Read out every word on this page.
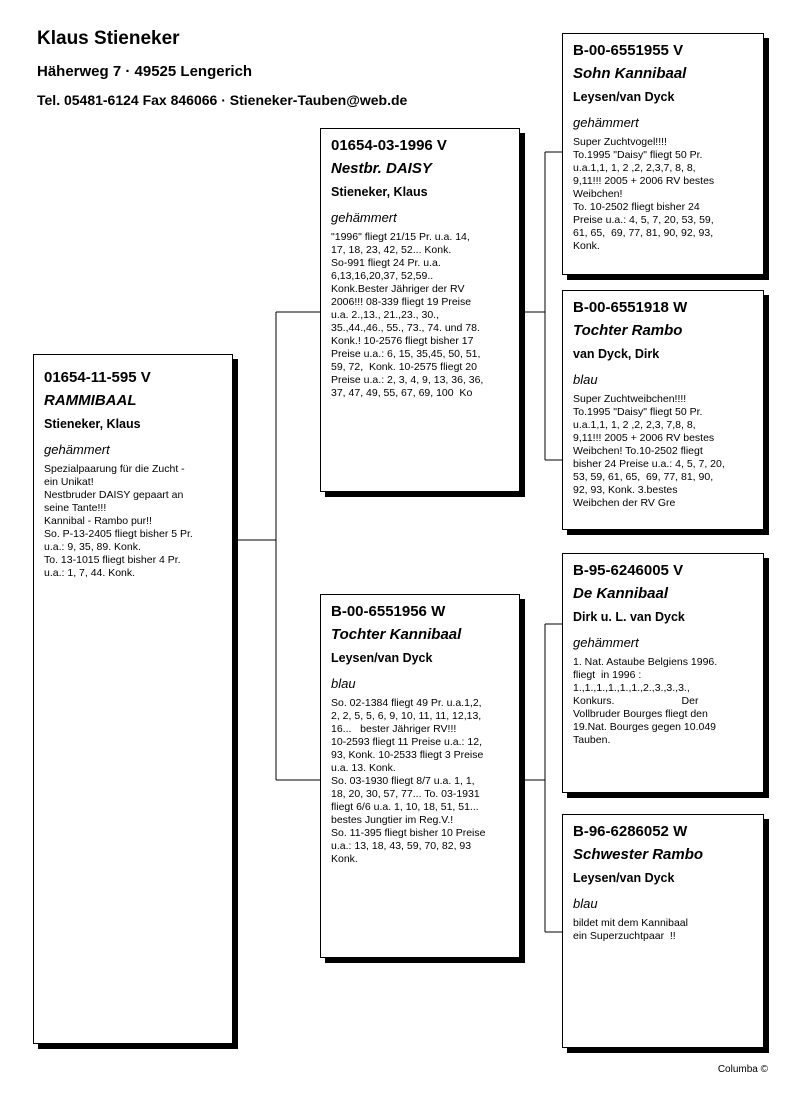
Klaus Stieneker
Häherweg 7 · 49525 Lengerich
Tel. 05481-6124 Fax 846066 · Stieneker-Tauben@web.de
01654-11-595 V
RAMMIBAAL
Stieneker, Klaus
gehämmert
Spezialpaarung für die Zucht -
ein Unikat!
Nestbruder DAISY gepaart an
seine Tante!!!
Kannibal - Rambo pur!!
So. P-13-2405 fliegt bisher 5 Pr.
u.a.: 9, 35, 89. Konk.
To. 13-1015 fliegt bisher 4 Pr.
u.a.: 1, 7, 44. Konk.
01654-03-1996 V
Nestbr. DAISY
Stieneker, Klaus
gehämmert
"1996" fliegt 21/15 Pr. u.a. 14,
17, 18, 23, 42, 52... Konk.
So-991 fliegt 24 Pr. u.a.
6,13,16,20,37, 52,59..
Konk.Bester Jähriger der RV
2006!!! 08-339 fliegt 19 Preise
u.a. 2.,13., 21.,23., 30.,
35.,44.,46., 55., 73., 74. und 78.
Konk.! 10-2576 fliegt bisher 17
Preise u.a.: 6, 15, 35,45, 50, 51,
59, 72,  Konk. 10-2575 fliegt 20
Preise u.a.: 2, 3, 4, 9, 13, 36, 36,
37, 47, 49, 55, 67, 69, 100  Ko
B-00-6551956 W
Tochter Kannibaal
Leysen/van Dyck
blau
So. 02-1384 fliegt 49 Pr. u.a.1,2,
2, 2, 5, 5, 6, 9, 10, 11, 11, 12,13,
16...   bester Jähriger RV!!!
10-2593 fliegt 11 Preise u.a.: 12,
93, Konk. 10-2533 fliegt 3 Preise
u.a. 13. Konk.
So. 03-1930 fliegt 8/7 u.a. 1, 1,
18, 20, 30, 57, 77... To. 03-1931
fliegt 6/6 u.a. 1, 10, 18, 51, 51...
bestes Jungtier im Reg.V.!
So. 11-395 fliegt bisher 10 Preise
u.a.: 13, 18, 43, 59, 70, 82, 93
Konk.
B-00-6551955 V
Sohn Kannibaal
Leysen/van Dyck
gehämmert
Super Zuchtvogel!!!!
To.1995 "Daisy" fliegt 50 Pr.
u.a.1,1, 1, 2 ,2, 2,3,7, 8, 8,
9,11!!! 2005 + 2006 RV bestes
Weibchen!
To. 10-2502 fliegt bisher 24
Preise u.a.: 4, 5, 7, 20, 53, 59,
61, 65,  69, 77, 81, 90, 92, 93,
Konk.
B-00-6551918 W
Tochter Rambo
van Dyck, Dirk
blau
Super Zuchtweibchen!!!!
To.1995 "Daisy" fliegt 50 Pr.
u.a.1,1, 1, 2 ,2, 2,3, 7,8, 8,
9,11!!! 2005 + 2006 RV bestes
Weibchen! To.10-2502 fliegt
bisher 24 Preise u.a.: 4, 5, 7, 20,
53, 59, 61, 65,  69, 77, 81, 90,
92, 93, Konk. 3.bestes
Weibchen der RV Gre
B-95-6246005 V
De Kannibaal
Dirk u. L. van Dyck
gehämmert
1. Nat. Astaube Belgiens 1996.
fliegt  in 1996 :
1.,1.,1.,1.,1.,1.,2.,3.,3.,3.,
Konkurs.                       Der
Vollbruder Bourges fliegt den
19.Nat. Bourges gegen 10.049
Tauben.
B-96-6286052 W
Schwester Rambo
Leysen/van Dyck
blau
bildet mit dem Kannibaal
ein Superzuchtpaar  !!
Columba ©
